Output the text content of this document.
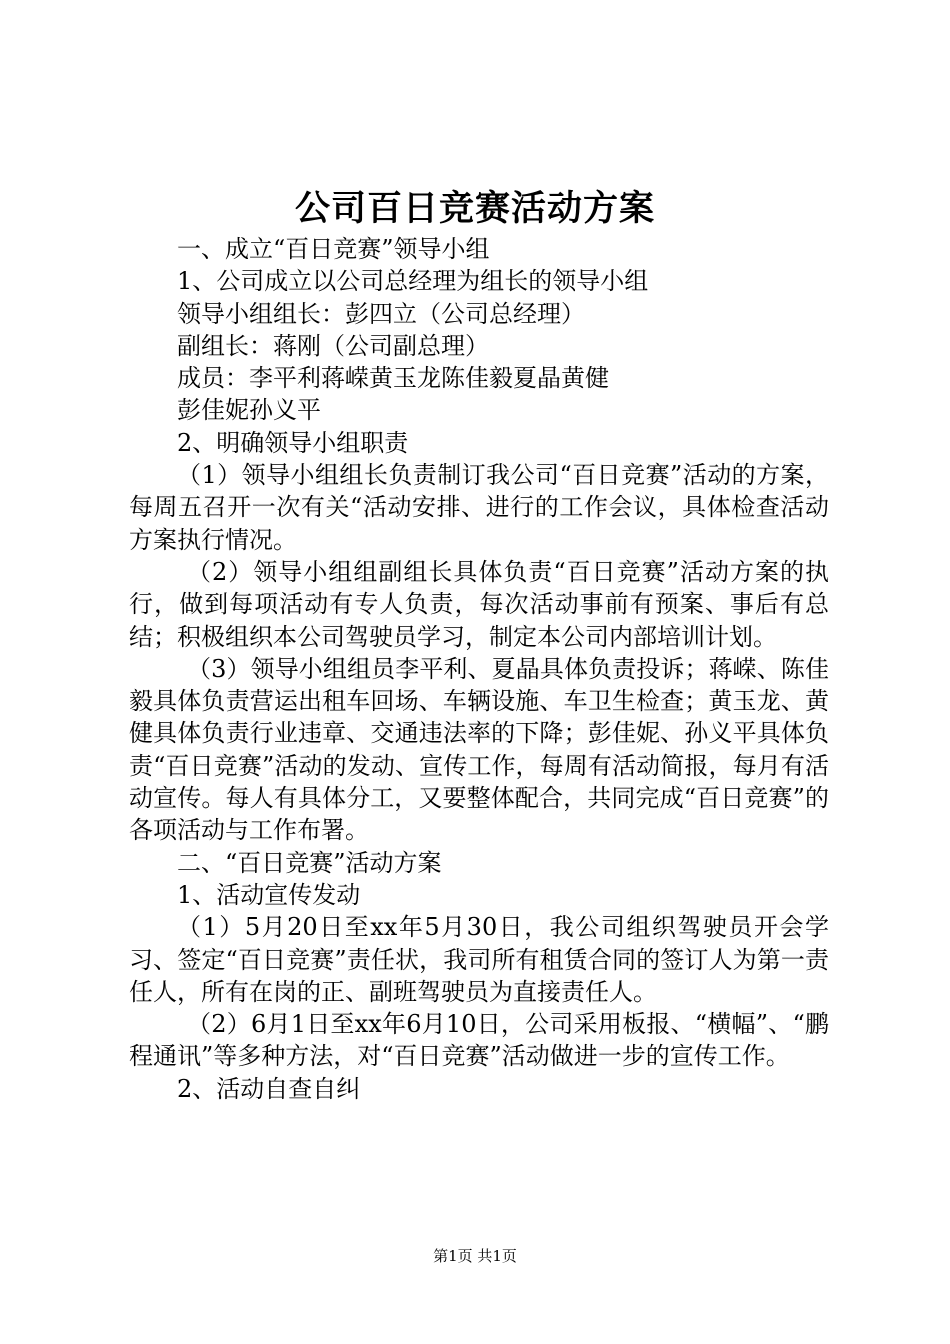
公司百日竞赛活动方案

一、成立“百日竞赛”领导小组

1、公司成立以公司总经理为组长的领导小组

领导小组组长：彭四立（公司总经理）

副组长：蒋刚（公司副总理）

成员：李平利蒋嵘黄玉龙陈佳毅夏晶黄健

彭佳妮孙义平

2、明确领导小组职责

（1）领导小组组长负责制订我公司“百日竞赛”活动的方案，每周五召开一次有关“活动安排、进行的工作会议，具体检查活动方案执行情况。

（2）领导小组组副组长具体负责“百日竞赛”活动方案的执行，做到每项活动有专人负责，每次活动事前有预案、事后有总结；积极组织本公司驾驶员学习，制定本公司内部培训计划。

（3）领导小组组员李平利、夏晶具体负责投诉；蒋嵘、陈佳毅具体负责营运出租车回场、车辆设施、车卫生检查；黄玉龙、黄健具体负责行业违章、交通违法率的下降；彭佳妮、孙义平具体负责“百日竞赛”活动的发动、宣传工作，每周有活动简报，每月有活动宣传。每人有具体分工，又要整体配合，共同完成“百日竞赛”的各项活动与工作布署。

二、“百日竞赛”活动方案

1、活动宣传发动

（1）5月20日至xx年5月30日，我公司组织驾驶员开会学习、签定“百日竞赛”责任状，我司所有租赁合同的签订人为第一责任人，所有在岗的正、副班驾驶员为直接责任人。

（2）6月1日至xx年6月10日，公司采用板报、“横幅”、“鹏程通讯”等多种方法，对“百日竞赛”活动做进一步的宣传工作。

2、活动自查自纠

第1页 共1页
